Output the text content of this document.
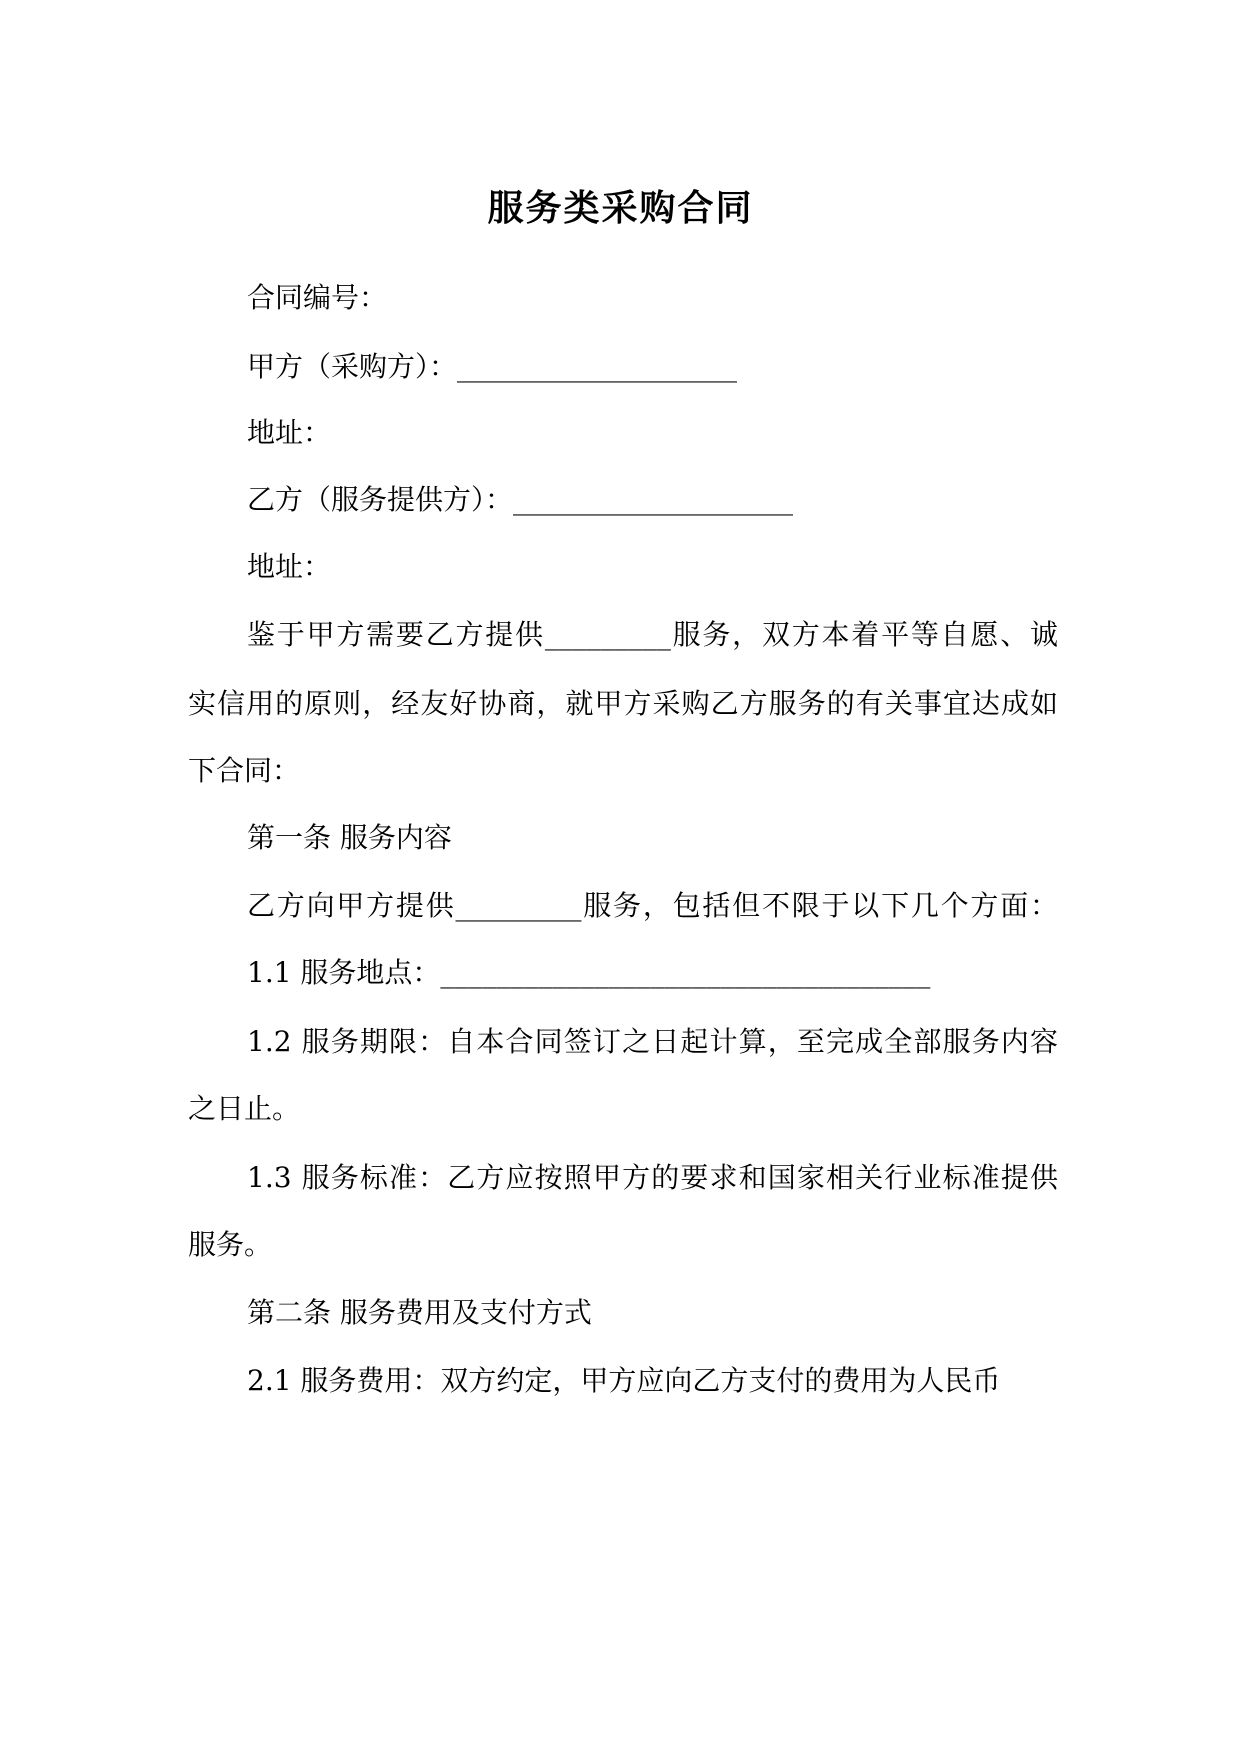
服务类采购合同
合同编号：
甲方（采购方）：____________________
地址：
乙方（服务提供方）：____________________
地址：
鉴于甲方需要乙方提供_________服务，双方本着平等自愿、诚
实信用的原则，经友好协商，就甲方采购乙方服务的有关事宜达成如
下合同：
第一条 服务内容
乙方向甲方提供_________服务，包括但不限于以下几个方面：
1.1 服务地点：___________________________________
1.2 服务期限：自本合同签订之日起计算，至完成全部服务内容
之日止。
1.3 服务标准：乙方应按照甲方的要求和国家相关行业标准提供
服务。
第二条 服务费用及支付方式
2.1 服务费用：双方约定，甲方应向乙方支付的费用为人民币
